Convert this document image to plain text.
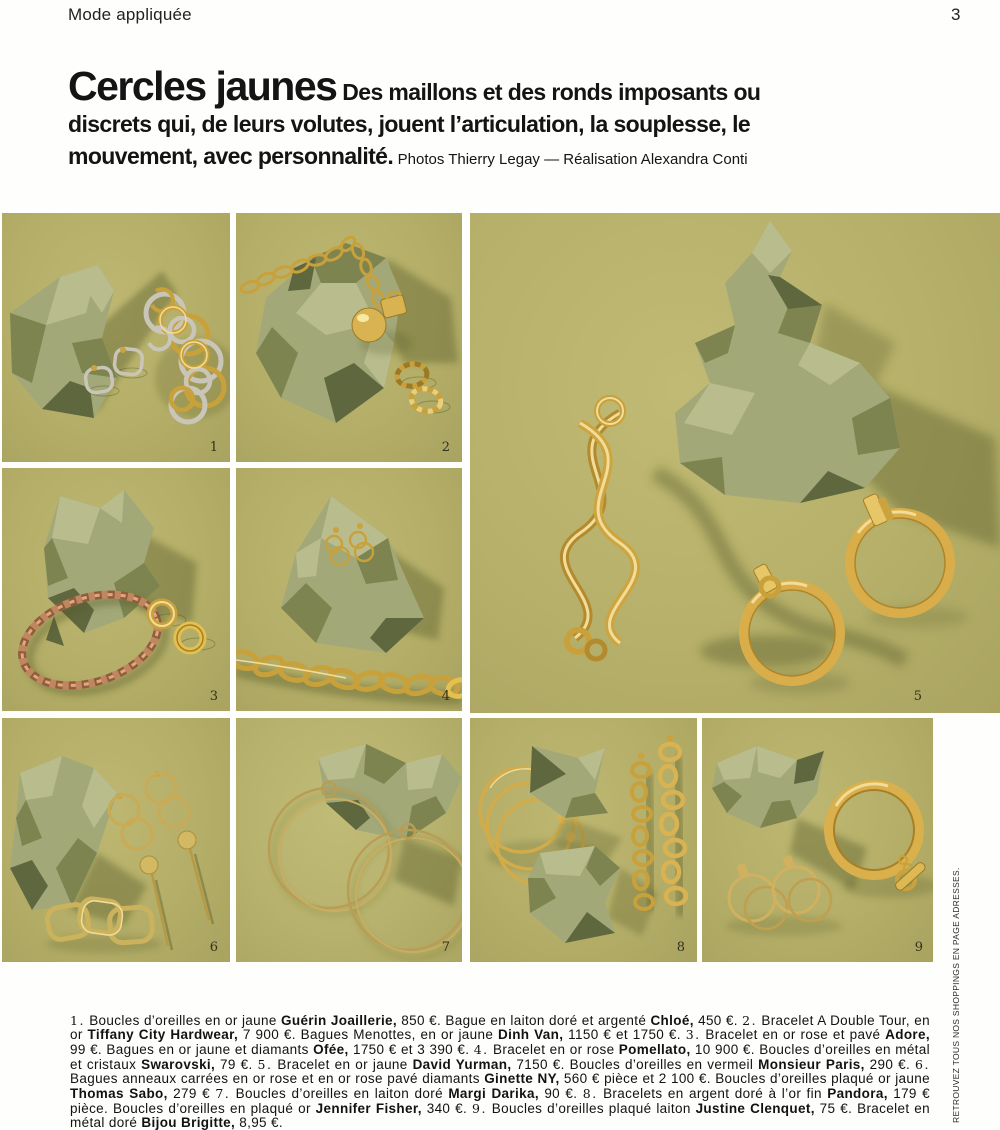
Mode appliquée	3

Cercles jaunes Des maillons et des ronds imposants ou discrets qui, de leurs volutes, jouent l’articulation, la souplesse, le mouvement, avec personnalité. Photos Thierry Legay — Réalisation Alexandra Conti

1	2
5
3	4
6	7	8	9

1. Boucles d’oreilles en or jaune Guérin Joaillerie, 850 €. Bague en laiton doré et argenté Chloé, 450 €. 2. Bracelet A Double Tour, en or Tiffany City Hardwear, 7 900 €. Bagues Menottes, en or jaune Dinh Van, 1150 € et 1750 €. 3. Bracelet en or rose et pavé Adore, 99 €. Bagues en or jaune et diamants Ofée, 1750 € et 3 390 €. 4. Bracelet en or rose Pomellato, 10 900 €. Boucles d’oreilles en métal et cristaux Swarovski, 79 €. 5. Bracelet en or jaune David Yurman, 7150 €. Boucles d’oreilles en vermeil Monsieur Paris, 290 €. 6. Bagues anneaux carrées en or rose et en or rose pavé diamants Ginette NY, 560 € pièce et 2 100 €. Boucles d’oreilles plaqué or jaune Thomas Sabo, 279 € 7. Boucles d’oreilles en laiton doré Margi Darika, 90 €. 8. Bracelets en argent doré à l’or fin Pandora, 179 € pièce. Boucles d’oreilles en plaqué or Jennifer Fisher, 340 €. 9. Boucles d’oreilles plaqué laiton Justine Clenquet, 75 €. Bracelet en métal doré Bijou Brigitte, 8,95 €.	RETROUVEZ TOUS NOS SHOPPINGS EN PAGE ADRESSES.
